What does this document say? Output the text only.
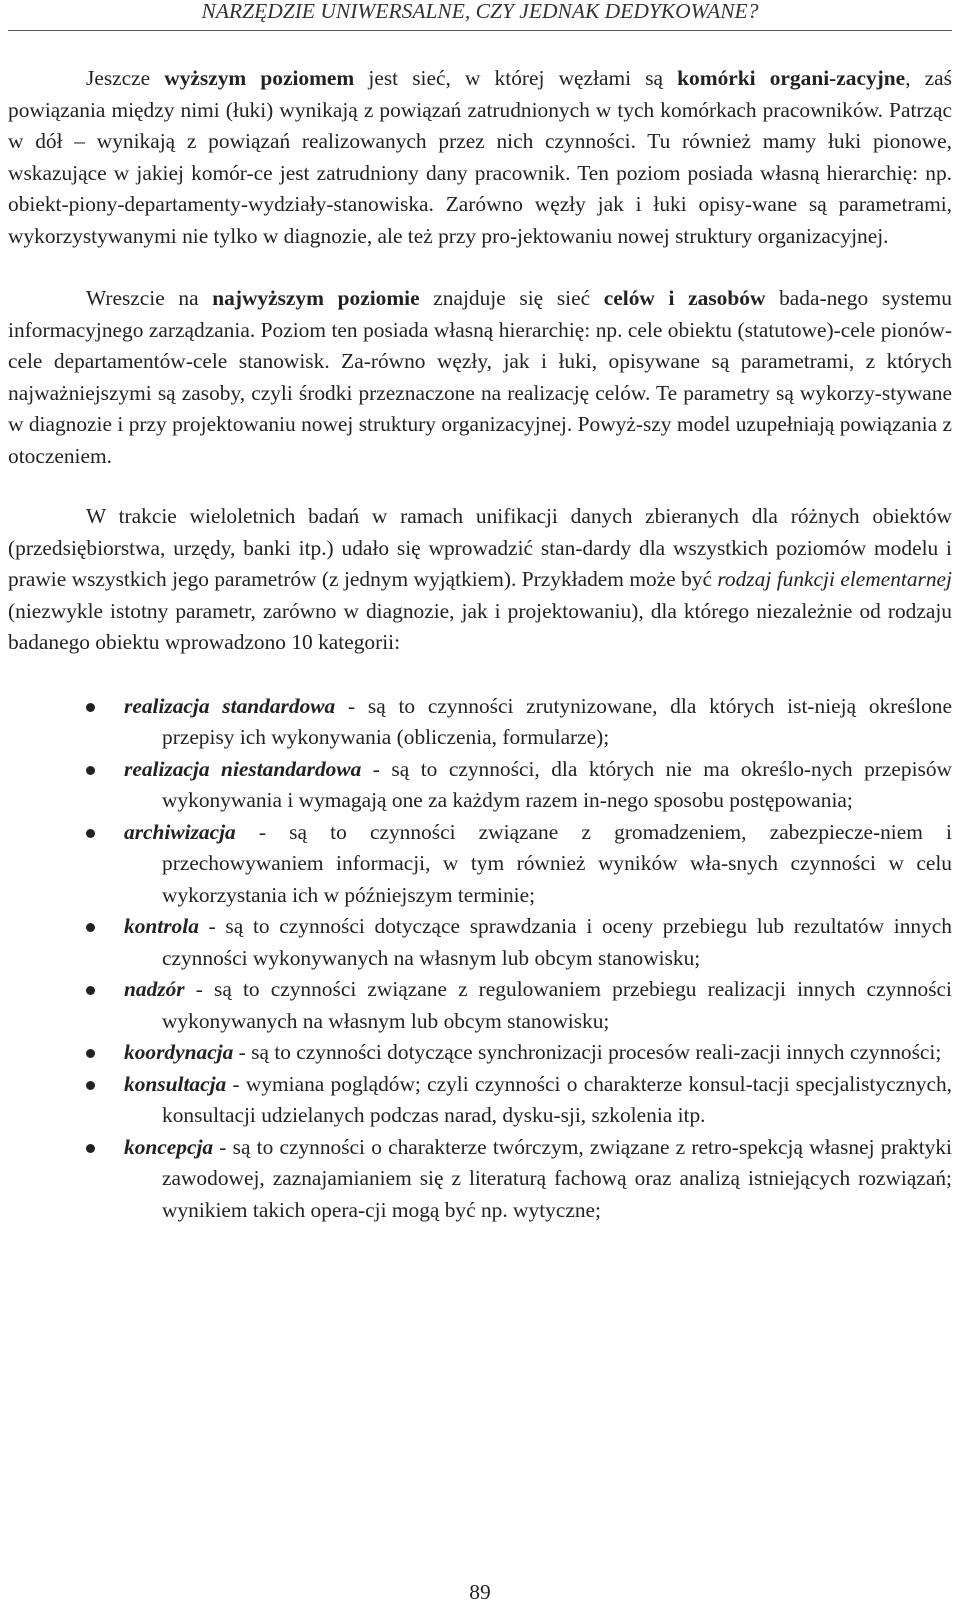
NARZĘDZIE UNIWERSALNE, CZY JEDNAK DEDYKOWANE?

Jeszcze wyższym poziomem jest sieć, w której węzłami są komórki organi-zacyjne, zaś powiązania między nimi (łuki) wynikają z powiązań zatrudnionych w tych komórkach pracowników. Patrząc w dół – wynikają z powiązań realizowanych przez nich czynności. Tu również mamy łuki pionowe, wskazujące w jakiej komór-ce jest zatrudniony dany pracownik. Ten poziom posiada własną hierarchię: np. obiekt-piony-departamenty-wydziały-stanowiska. Zarówno węzły jak i łuki opisy-wane są parametrami, wykorzystywanymi nie tylko w diagnozie, ale też przy pro-jektowaniu nowej struktury organizacyjnej.

Wreszcie na najwyższym poziomie znajduje się sieć celów i zasobów bada-nego systemu informacyjnego zarządzania. Poziom ten posiada własną hierarchię: np. cele obiektu (statutowe)-cele pionów-cele departamentów-cele stanowisk. Za-równo węzły, jak i łuki, opisywane są parametrami, z których najważniejszymi są zasoby, czyli środki przeznaczone na realizację celów. Te parametry są wykorzy-stywane w diagnozie i przy projektowaniu nowej struktury organizacyjnej. Powyż-szy model uzupełniają powiązania z otoczeniem.

W trakcie wieloletnich badań w ramach unifikacji danych zbieranych dla różnych obiektów (przedsiębiorstwa, urzędy, banki itp.) udało się wprowadzić stan-dardy dla wszystkich poziomów modelu i prawie wszystkich jego parametrów (z jednym wyjątkiem). Przykładem może być rodzaj funkcji elementarnej (niezwykle istotny parametr, zarówno w diagnozie, jak i projektowaniu), dla którego niezależnie od rodzaju badanego obiektu wprowadzono 10 kategorii:

realizacja standardowa - są to czynności zrutynizowane, dla których ist-nieją określone przepisy ich wykonywania (obliczenia, formularze);
realizacja niestandardowa - są to czynności, dla których nie ma określo-nych przepisów wykonywania i wymagają one za każdym razem in-nego sposobu postępowania;
archiwizacja - są to czynności związane z gromadzeniem, zabezpiecze-niem i przechowywaniem informacji, w tym również wyników wła-snych czynności w celu wykorzystania ich w późniejszym terminie;
kontrola - są to czynności dotyczące sprawdzania i oceny przebiegu lub rezultatów innych czynności wykonywanych na własnym lub obcym stanowisku;
nadzór - są to czynności związane z regulowaniem przebiegu realizacji innych czynności wykonywanych na własnym lub obcym stanowisku;
koordynacja - są to czynności dotyczące synchronizacji procesów reali-zacji innych czynności;
konsultacja - wymiana poglądów; czyli czynności o charakterze konsul-tacji specjalistycznych, konsultacji udzielanych podczas narad, dysku-sji, szkolenia itp.
koncepcja - są to czynności o charakterze twórczym, związane z retro-spekcją własnej praktyki zawodowej, zaznajamianiem się z literaturą fachową oraz analizą istniejących rozwiązań; wynikiem takich opera-cji mogą być np. wytyczne;
89
